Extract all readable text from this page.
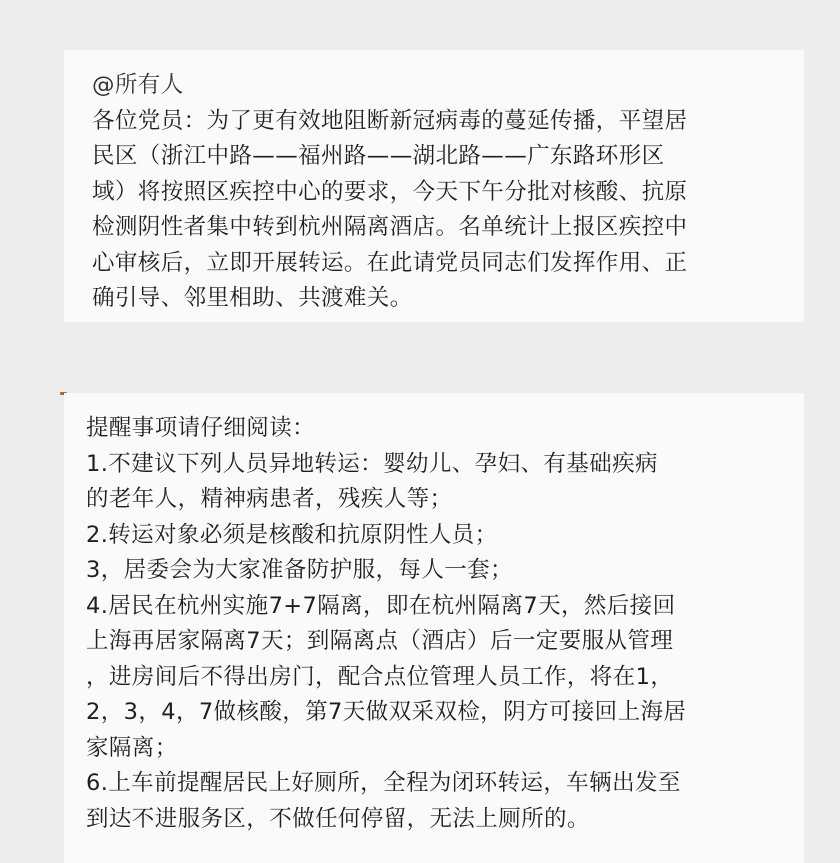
@所有人
各位党员：为了更有效地阻断新冠病毒的蔓延传播，平望居
民区（浙江中路——福州路——湖北路——广东路环形区
域）将按照区疾控中心的要求，今天下午分批对核酸、抗原
检测阴性者集中转到杭州隔离酒店。名单统计上报区疾控中
心审核后，立即开展转运。在此请党员同志们发挥作用、正
确引导、邻里相助、共渡难关。
提醒事项请仔细阅读：
1.不建议下列人员异地转运：婴幼儿、孕妇、有基础疾病
的老年人，精神病患者，残疾人等；
2.转运对象必须是核酸和抗原阴性人员；
3，居委会为大家准备防护服，每人一套；
4.居民在杭州实施7+7隔离，即在杭州隔离7天，然后接回
上海再居家隔离7天；到隔离点（酒店）后一定要服从管理
，进房间后不得出房门，配合点位管理人员工作，将在1，
2，3，4，7做核酸，第7天做双采双检，阴方可接回上海居
家隔离；
6.上车前提醒居民上好厕所，全程为闭环转运，车辆出发至
到达不进服务区，不做任何停留，无法上厕所的。
